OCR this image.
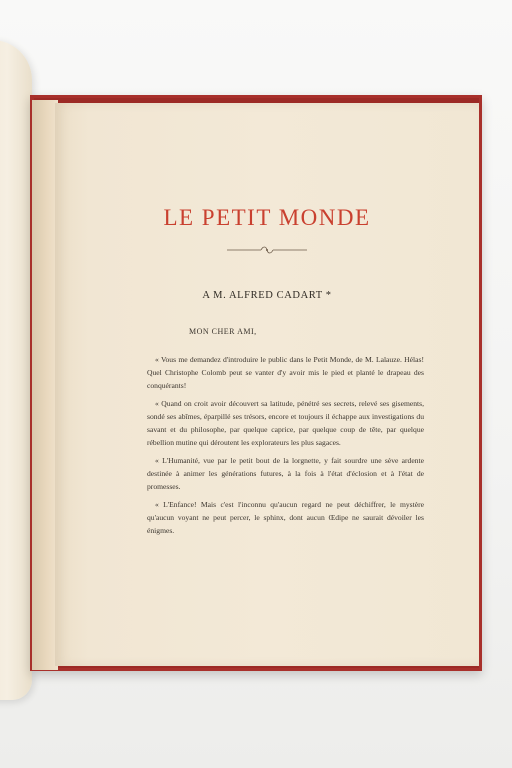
LE PETIT MONDE

A M. ALFRED CADART *

MON CHER AMI,

« Vous me demandez d'introduire le public dans le Petit Monde, de M. Lalauze. Hélas! Quel Christophe Colomb peut se vanter d'y avoir mis le pied et planté le drapeau des conquérants!

« Quand on croit avoir découvert sa latitude, pénétré ses secrets, relevé ses gisements, sondé ses abîmes, éparpillé ses trésors, encore et toujours il échappe aux investigations du savant et du philosophe, par quelque caprice, par quelque coup de tête, par quelque rébellion mutine qui déroutent les explorateurs les plus sagaces.

« L'Humanité, vue par le petit bout de la lorgnette, y fait sourdre une sève ardente destinée à animer les générations futures, à la fois à l'état d'éclosion et à l'état de promesses.

« L'Enfance! Mais c'est l'inconnu qu'aucun regard ne peut déchiffrer, le mystère qu'aucun voyant ne peut percer, le sphinx, dont aucun Œdipe ne saurait dévoiler les énigmes.
